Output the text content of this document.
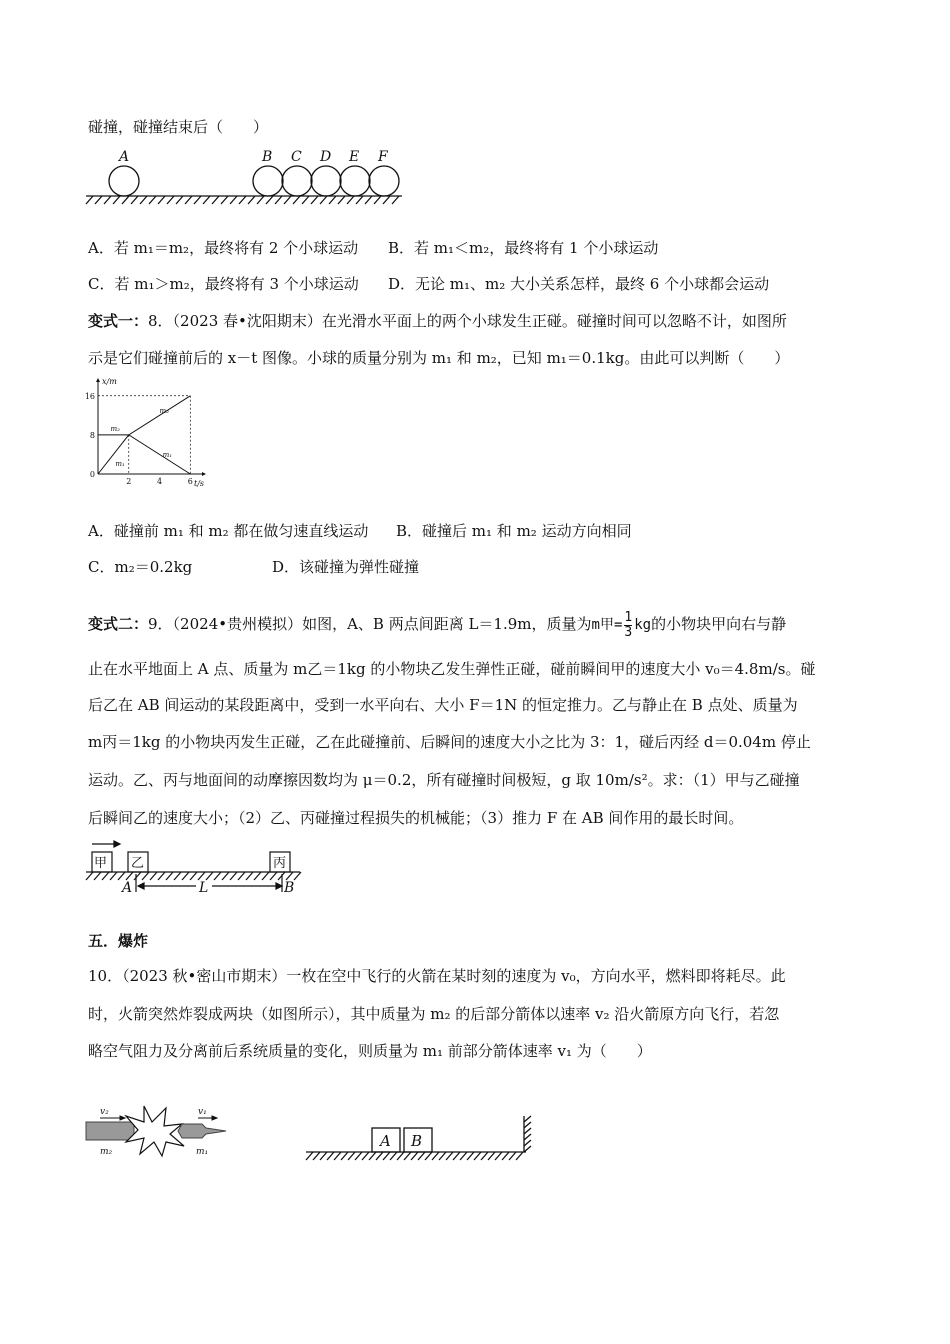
碰撞，碰撞结束后（　　）
A	B C D E F
A．若 m₁＝m₂，最终将有 2 个小球运动 B．若 m₁＜m₂，最终将有 1 个小球运动
C．若 m₁＞m₂，最终将有 3 个小球运动 D．无论 m₁、m₂ 大小关系怎样，最终 6 个小球都会运动
变式一：8．（2023 春•沈阳期末）在光滑水平面上的两个小球发生正碰。碰撞时间可以忽略不计，如图所
示是它们碰撞前后的 x－t 图像。小球的质量分别为 m₁ 和 m₂，已知 m₁＝0.1kg。由此可以判断（　　）
0
8
16
2	4	6
x/m
t/s
m₁
m₁
m₂
m₂
A．碰撞前 m₁ 和 m₂ 都在做匀速直线运动 B．碰撞后 m₁ 和 m₂ 运动方向相同
C．m₂＝0.2kg	D．该碰撞为弹性碰撞
变式二：9．（2024•贵州模拟）如图，A、B 两点间距离 L＝1.9m，质量为m甲= $\frac{1}{3}$ kg的小物块甲向右与静
止在水平地面上 A 点、质量为 m乙＝1kg 的小物块乙发生弹性正碰，碰前瞬间甲的速度大小 v₀＝4.8m/s。碰
后乙在 AB 间运动的某段距离中，受到一水平向右、大小 F＝1N 的恒定推力。乙与静止在 B 点处、质量为
m丙＝1kg 的小物块丙发生正碰，乙在此碰撞前、后瞬间的速度大小之比为 3：1，碰后丙经 d＝0.04m 停止
运动。乙、丙与地面间的动摩擦因数均为 μ＝0.2，所有碰撞时间极短，g 取 10m/s²。求：（1）甲与乙碰撞
后瞬间乙的速度大小；（2）乙、丙碰撞过程损失的机械能；（3）推力 F 在 AB 间作用的最长时间。
甲 乙	丙
A	L	B
五．爆炸
10．（2023 秋•密山市期末）一枚在空中飞行的火箭在某时刻的速度为 v₀，方向水平，燃料即将耗尽。此
时，火箭突然炸裂成两块（如图所示），其中质量为 m₂ 的后部分箭体以速率 v₂ 沿火箭原方向飞行，若忽
略空气阻力及分离前后系统质量的变化，则质量为 m₁ 前部分箭体速率 v₁ 为（　　）
v₂	v₁
m₂	m₁
A B
